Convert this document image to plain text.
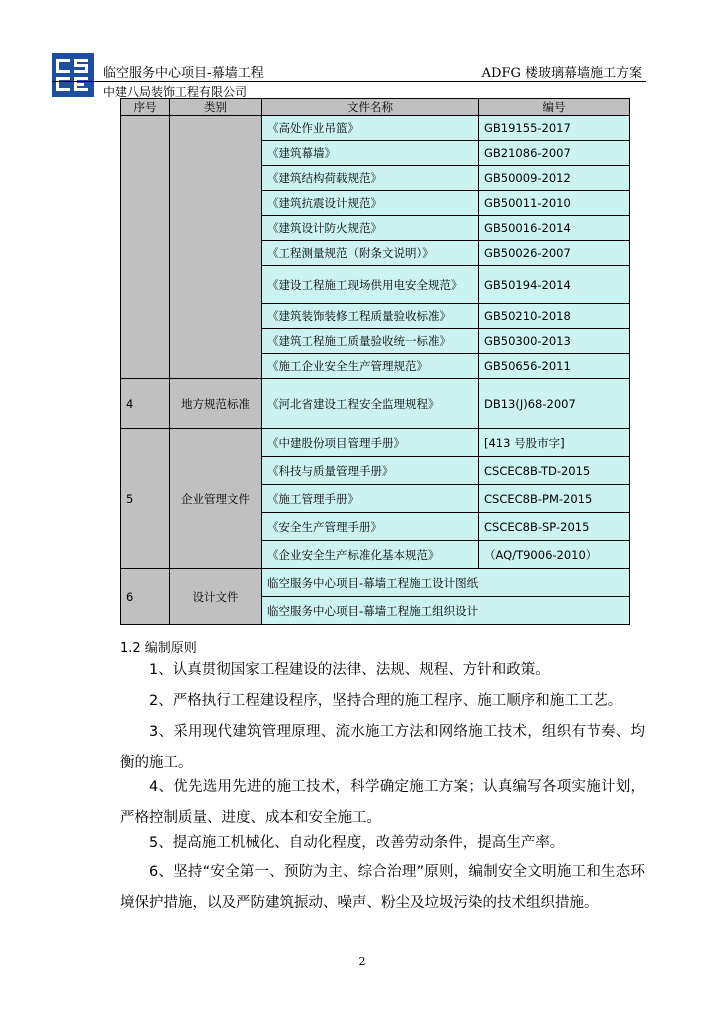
临空服务中心项目-幕墙工程	ADFG 楼玻璃幕墙施工方案
中建八局装饰工程有限公司
序号	类别	文件名称	编号
		《高处作业吊篮》	GB19155-2017
		《建筑幕墙》	GB21086-2007
		《建筑结构荷载规范》	GB50009-2012
		《建筑抗震设计规范》	GB50011-2010
		《建筑设计防火规范》	GB50016-2014
		《工程测量规范（附条文说明）》	GB50026-2007
		《建设工程施工现场供用电安全规范》	GB50194-2014
		《建筑装饰装修工程质量验收标准》	GB50210-2018
		《建筑工程施工质量验收统一标准》	GB50300-2013
		《施工企业安全生产管理规范》	GB50656-2011
4	地方规范标准	《河北省建设工程安全监理规程》	DB13(J)68-2007
5	企业管理文件	《中建股份项目管理手册》	[413 号股市字]
		《科技与质量管理手册》	CSCEC8B-TD-2015
		《施工管理手册》	CSCEC8B-PM-2015
		《安全生产管理手册》	CSCEC8B-SP-2015
		《企业安全生产标准化基本规范》	（AQ/T9006-2010）
6	设计文件	临空服务中心项目-幕墙工程施工设计图纸	
		临空服务中心项目-幕墙工程施工组织设计	
1.2 编制原则

1、认真贯彻国家工程建设的法律、法规、规程、方针和政策。

2、严格执行工程建设程序，坚持合理的施工程序、施工顺序和施工工艺。

3、采用现代建筑管理原理、流水施工方法和网络施工技术，组织有节奏、均衡的施工。

4、优先选用先进的施工技术，科学确定施工方案；认真编写各项实施计划，严格控制质量、进度、成本和安全施工。

5、提高施工机械化、自动化程度，改善劳动条件，提高生产率。

6、坚持“安全第一、预防为主、综合治理”原则，编制安全文明施工和生态环境保护措施，以及严防建筑振动、噪声、粉尘及垃圾污染的技术组织措施。

2
